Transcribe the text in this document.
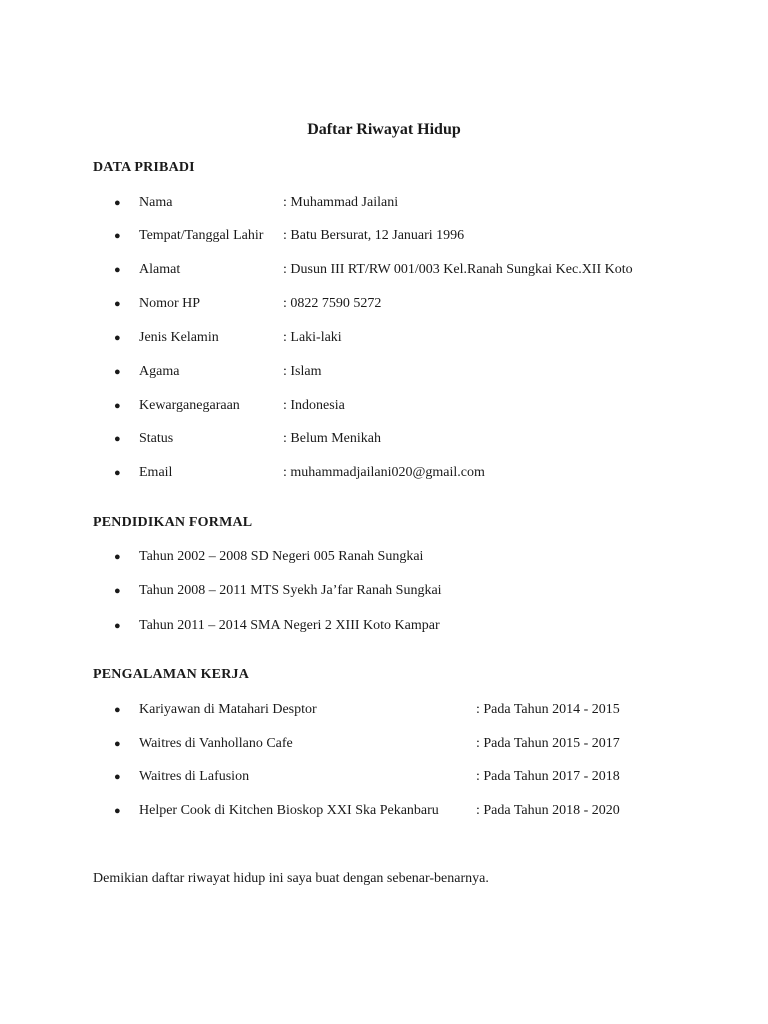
Daftar Riwayat Hidup
DATA PRIBADI
● Nama	: Muhammad Jailani
● Tempat/Tanggal Lahir : Batu Bersurat, 12 Januari 1996
● Alamat	: Dusun III RT/RW 001/003 Kel.Ranah Sungkai Kec.XII Koto
● Nomor HP	: 0822 7590 5272
● Jenis Kelamin	: Laki-laki
● Agama	: Islam
● Kewarganegaraan	: Indonesia
● Status	: Belum Menikah
● Email	: muhammadjailani020@gmail.com
PENDIDIKAN FORMAL
● Tahun 2002 – 2008 SD Negeri 005 Ranah Sungkai
● Tahun 2008 – 2011 MTS Syekh Ja’far Ranah Sungkai
● Tahun 2011 – 2014 SMA Negeri 2 XIII Koto Kampar
PENGALAMAN KERJA
● Kariyawan di Matahari Desptor	: Pada Tahun 2014 - 2015
● Waitres di Vanhollano Cafe	: Pada Tahun 2015 - 2017
● Waitres di Lafusion	: Pada Tahun 2017 - 2018
● Helper Cook di Kitchen Bioskop XXI Ska Pekanbaru	: Pada Tahun 2018 - 2020

Demikian daftar riwayat hidup ini saya buat dengan sebenar-benarnya.
